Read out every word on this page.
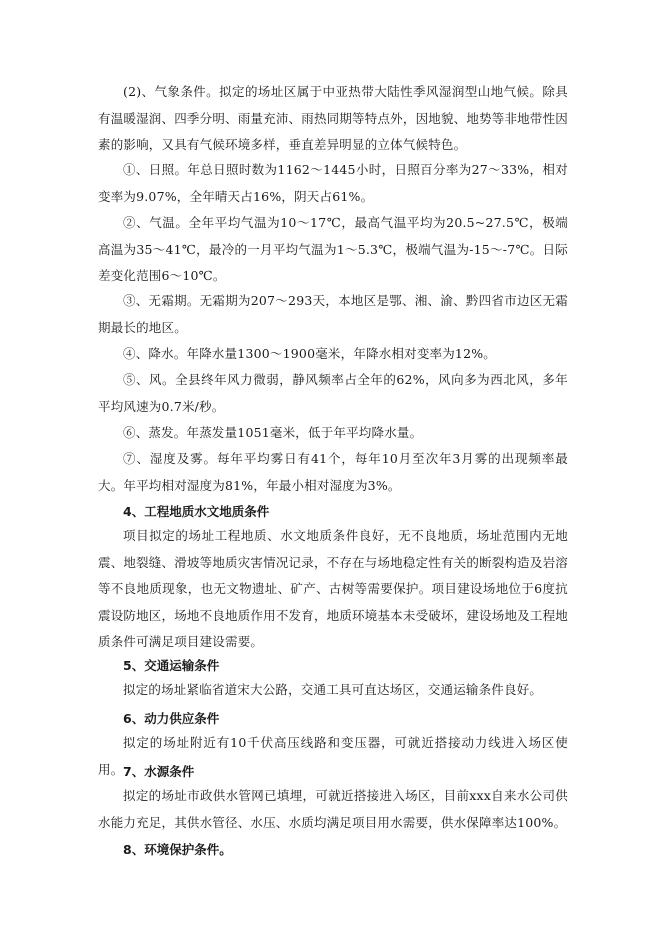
(2)、气象条件。拟定的场址区属于中亚热带大陆性季风湿润型山地气候。除具有温暖湿润、四季分明、雨量充沛、雨热同期等特点外，因地貌、地势等非地带性因素的影响，又具有气候环境多样，垂直差异明显的立体气候特色。

①、日照。年总日照时数为1162～1445小时，日照百分率为27～33%，相对变率为9.07%，全年晴天占16%，阴天占61%。

②、气温。全年平均气温为10～17℃，最高气温平均为20.5~27.5℃，极端高温为35～41℃，最冷的一月平均气温为1～5.3℃，极端气温为-15～-7℃。日际差变化范围6～10℃。

③、无霜期。无霜期为207～293天，本地区是鄂、湘、渝、黔四省市边区无霜期最长的地区。

④、降水。年降水量1300～1900毫米，年降水相对变率为12%。

⑤、风。全县终年风力微弱，静风频率占全年的62%，风向多为西北风，多年平均风速为0.7米/秒。

⑥、蒸发。年蒸发量1051毫米，低于年平均降水量。

⑦、湿度及雾。每年平均雾日有41个，每年10月至次年3月雾的出现频率最大。年平均相对湿度为81%，年最小相对湿度为3%。

4、工程地质水文地质条件

项目拟定的场址工程地质、水文地质条件良好，无不良地质，场址范围内无地震、地裂缝、滑坡等地质灾害情况记录，不存在与场地稳定性有关的断裂构造及岩溶等不良地质现象，也无文物遗址、矿产、古树等需要保护。项目建设场地位于6度抗震设防地区，场地不良地质作用不发育，地质环境基本未受破坏，建设场地及工程地质条件可满足项目建设需要。

5、交通运输条件

拟定的场址紧临省道宋大公路，交通工具可直达场区，交通运输条件良好。

6、动力供应条件

拟定的场址附近有10千伏高压线路和变压器，可就近搭接动力线进入场区使用。 7、水源条件

拟定的场址市政供水管网已填埋，可就近搭接进入场区，目前xxx自来水公司供水能力充足，其供水管径、水压、水质均满足项目用水需要，供水保障率达100%。

8、环境保护条件。
